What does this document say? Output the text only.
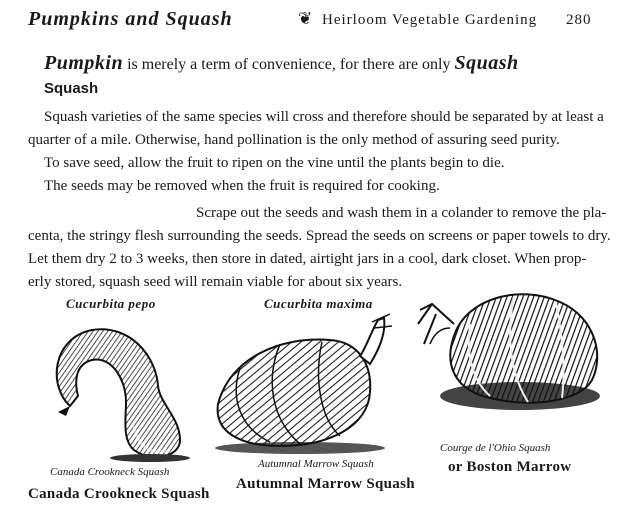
Pumpkins and Squash	❦ Heirloom Vegetable Gardening 280
Pumpkin is merely a term of convenience, for there are only Squash
Squash
Squash varieties of the same species will cross and therefore should be separated by at least a
quarter of a mile. Otherwise, hand pollination is the only method of assuring seed purity.
To save seed, allow the fruit to ripen on the vine until the plants begin to die.
The seeds may be removed when the fruit is required for cooking.
Scrape out the seeds and wash them in a colander to remove the pla-
centa, the stringy flesh surrounding the seeds. Spread the seeds on screens or paper towels to dry.
Let them dry 2 to 3 weeks, then store in dated, airtight jars in a cool, dark closet. When prop-
erly stored, squash seed will remain viable for about six years.
Cucurbita pepo	Cucurbita maxima
Canada Crookneck Squash
Canada Crookneck Squash
Autumnal Marrow Squash
Autumnal Marrow Squash
Courge de l'Ohio Squash
or Boston Marrow
